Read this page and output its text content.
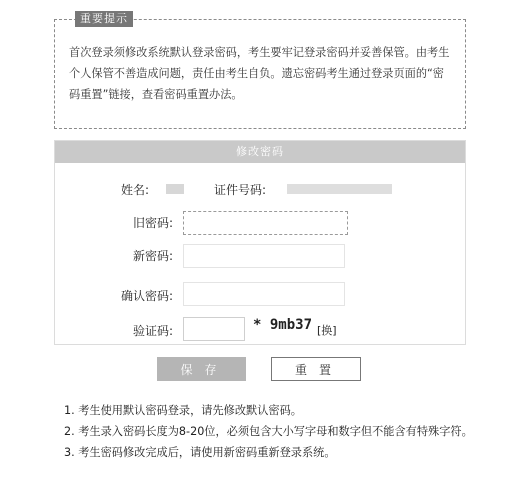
重要提示
首次登录须修改系统默认登录密码，考生要牢记登录密码并妥善保管。由考生个人保管不善造成问题，责任由考生自负。遗忘密码考生通过登录页面的“密码重置”链接，查看密码重置办法。
修改密码
姓名:	证件号码:
旧密码:
新密码:
确认密码:
验证码:	* 9mb37 [换]
保存	重置

1. 考生使用默认密码登录，请先修改默认密码。

2. 考生录入密码长度为8-20位，必须包含大小写字母和数字但不能含有特殊字符。

3. 考生密码修改完成后，请使用新密码重新登录系统。
